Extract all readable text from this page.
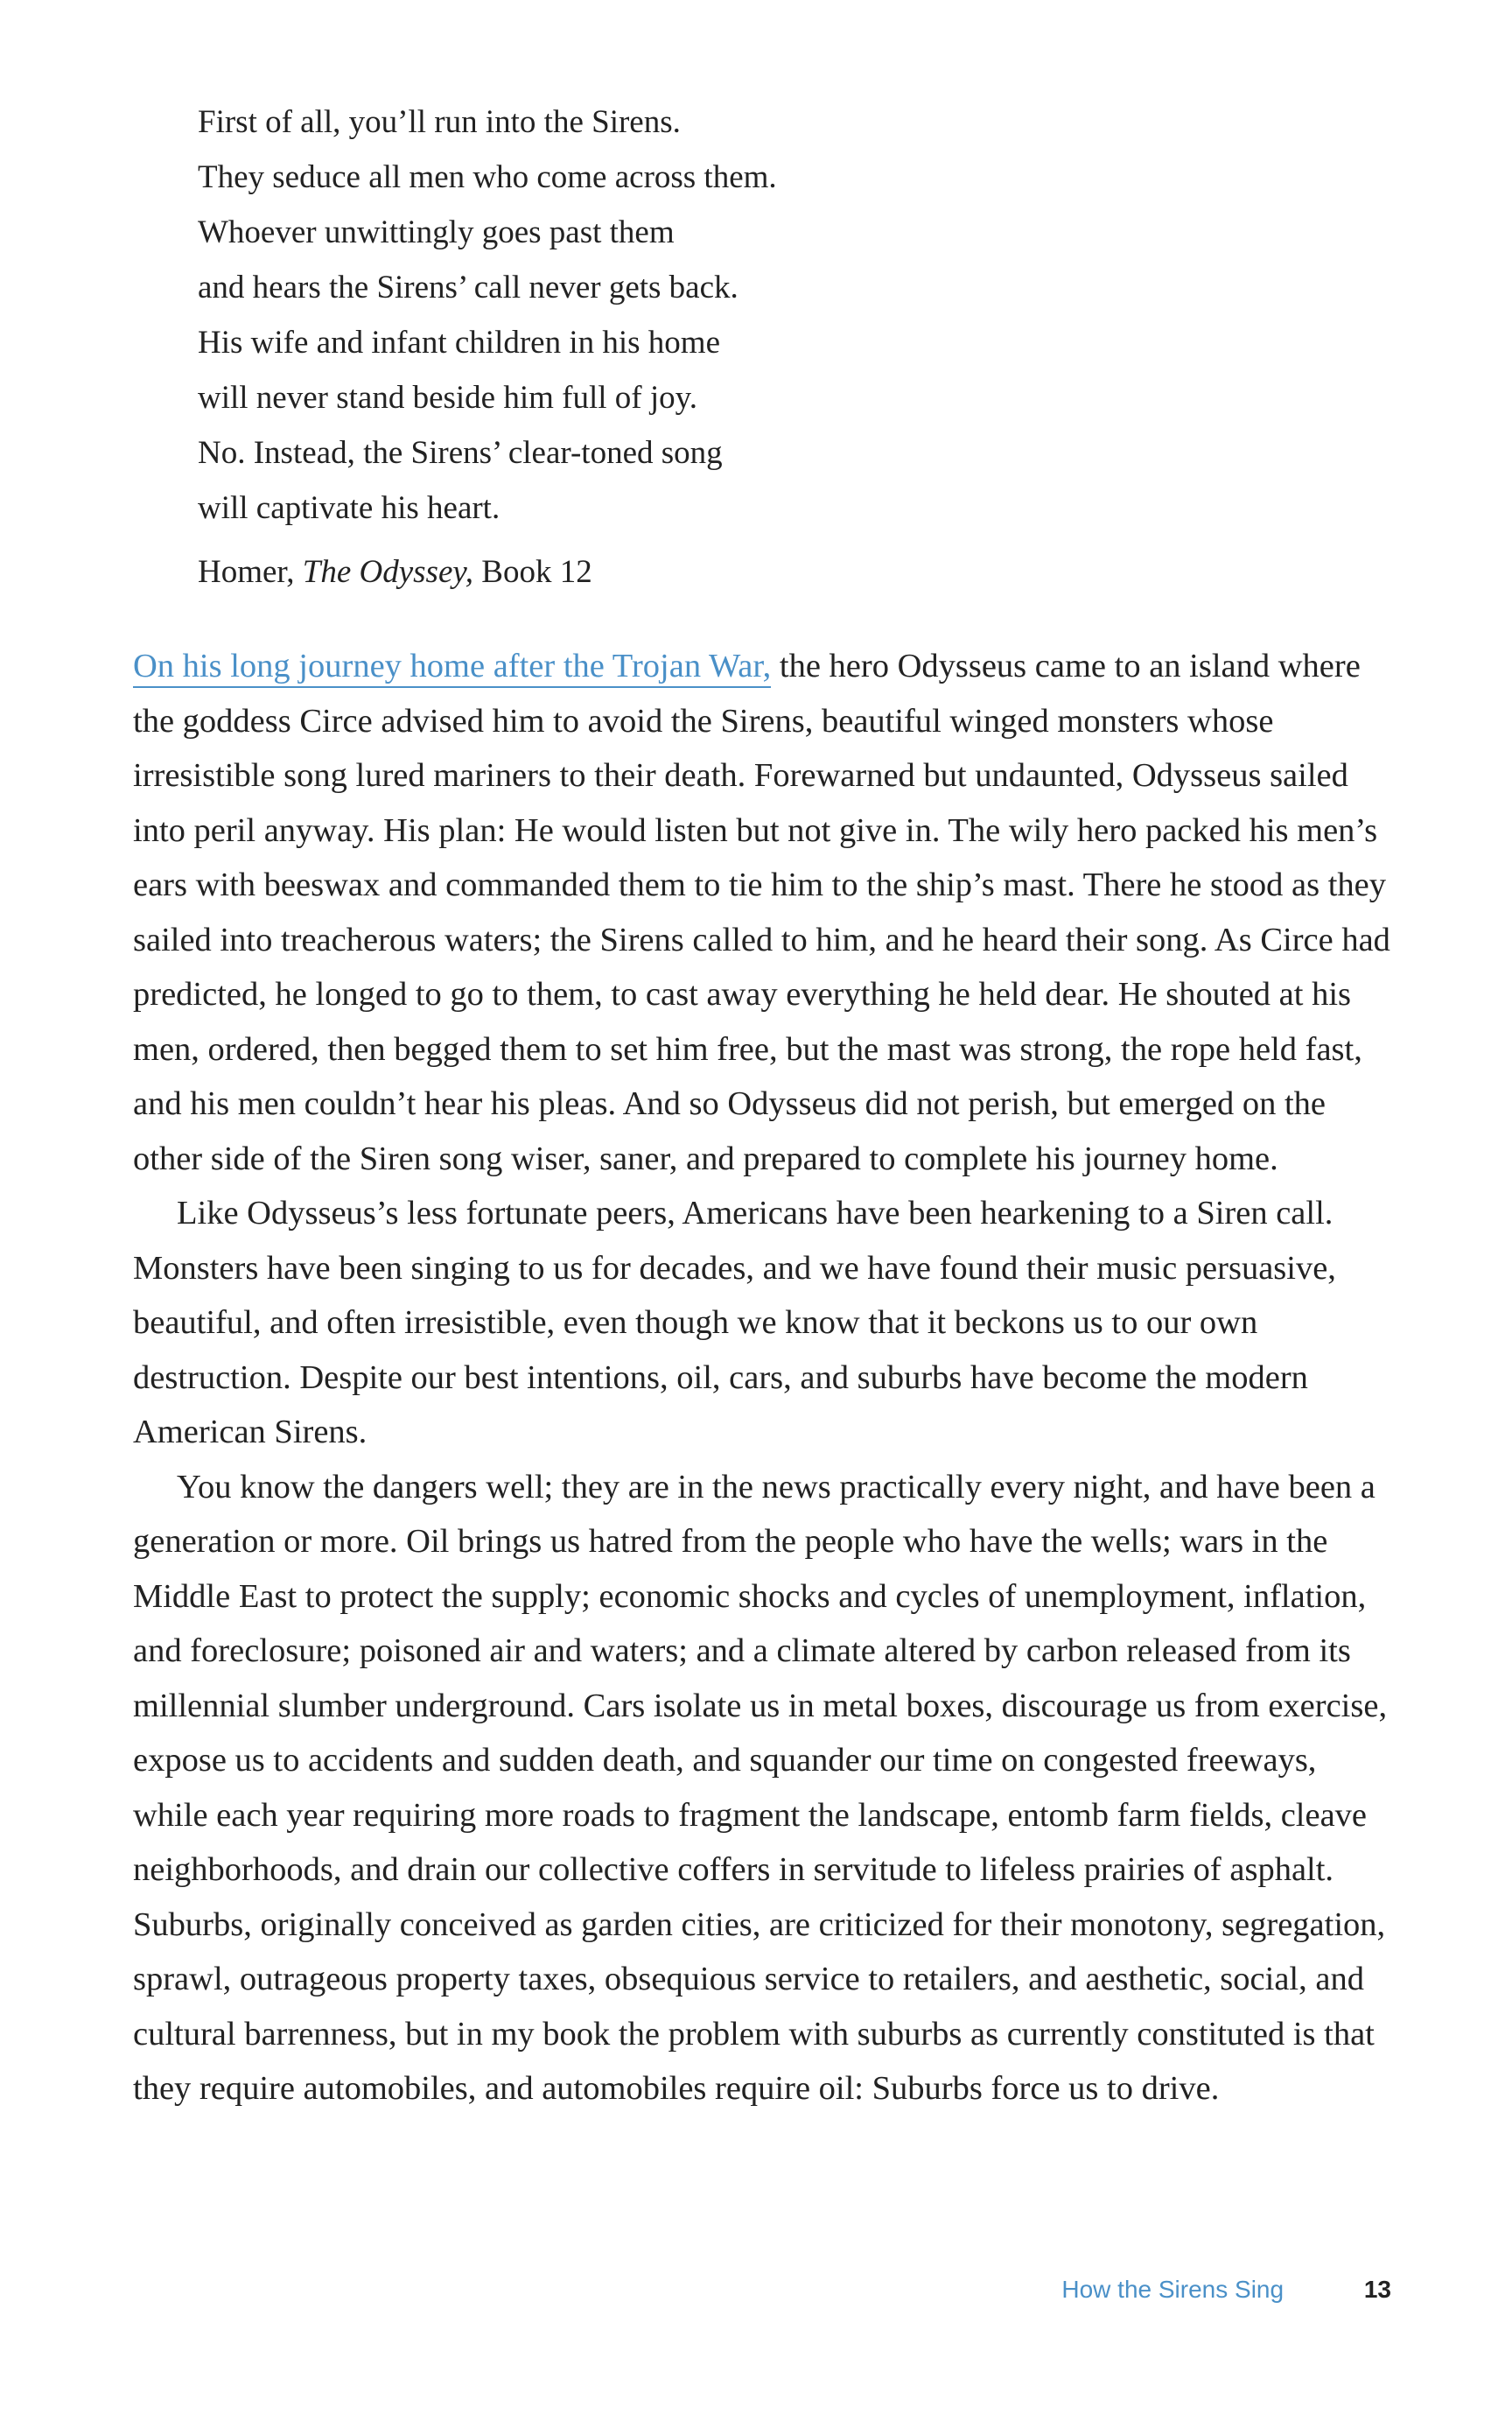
First of all, you’ll run into the Sirens.
They seduce all men who come across them.
Whoever unwittingly goes past them
and hears the Sirens’ call never gets back.
His wife and infant children in his home
will never stand beside him full of joy.
No. Instead, the Sirens’ clear-toned song
will captivate his heart.
Homer, The Odyssey, Book 12

On his long journey home after the Trojan War, the hero Odysseus came to an island where the goddess Circe advised him to avoid the Sirens, beautiful winged monsters whose irresistible song lured mariners to their death. Forewarned but undaunted, Odysseus sailed into peril anyway. His plan: He would listen but not give in. The wily hero packed his men’s ears with beeswax and commanded them to tie him to the ship’s mast. There he stood as they sailed into treacherous waters; the Sirens called to him, and he heard their song. As Circe had predicted, he longed to go to them, to cast away everything he held dear. He shouted at his men, ordered, then begged them to set him free, but the mast was strong, the rope held fast, and his men couldn’t hear his pleas. And so Odysseus did not perish, but emerged on the other side of the Siren song wiser, saner, and prepared to complete his journey home.

Like Odysseus’s less fortunate peers, Americans have been hearkening to a Siren call. Monsters have been singing to us for decades, and we have found their music persuasive, beautiful, and often irresistible, even though we know that it beckons us to our own destruction. Despite our best intentions, oil, cars, and suburbs have become the modern American Sirens.

You know the dangers well; they are in the news practically every night, and have been a generation or more. Oil brings us hatred from the people who have the wells; wars in the Middle East to protect the supply; economic shocks and cycles of unemployment, inflation, and foreclosure; poisoned air and waters; and a climate altered by carbon released from its millennial slumber underground. Cars isolate us in metal boxes, discourage us from exercise, expose us to accidents and sudden death, and squander our time on congested freeways, while each year requiring more roads to fragment the landscape, entomb farm fields, cleave neighborhoods, and drain our collective coffers in servitude to lifeless prairies of asphalt. Suburbs, originally conceived as garden cities, are criticized for their monotony, segregation, sprawl, outrageous property taxes, obsequious service to retailers, and aesthetic, social, and cultural barrenness, but in my book the problem with suburbs as currently constituted is that they require automobiles, and automobiles require oil: Suburbs force us to drive.

How the Sirens Sing	13
